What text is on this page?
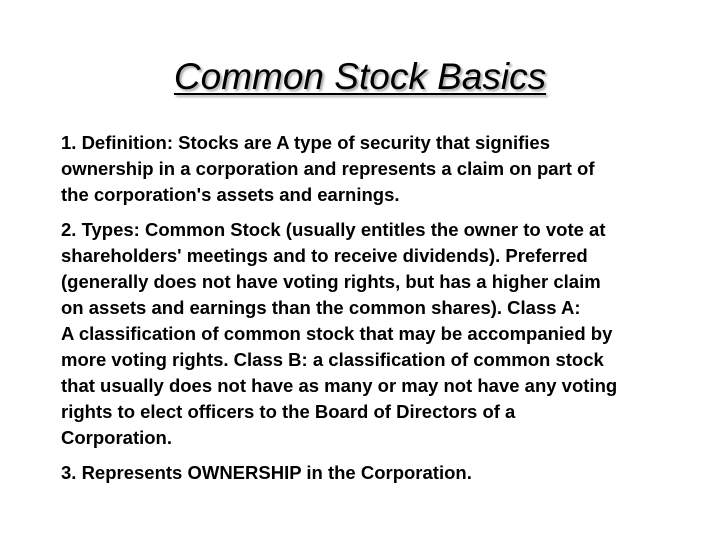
Common Stock Basics
1. Definition: Stocks are A type of security that signifies
ownership in a corporation and represents a claim on part of
the corporation's assets and earnings.
2. Types: Common Stock (usually entitles the owner to vote at
shareholders' meetings and to receive dividends). Preferred
(generally does not have voting rights, but has a higher claim
on assets and earnings than the common shares). Class A:
A classification of common stock that may be accompanied by
more voting rights. Class B: a classification of common stock
that usually does not have as many or may not have any voting
rights to elect officers to the Board of Directors of a
Corporation.
3. Represents OWNERSHIP in the Corporation.
